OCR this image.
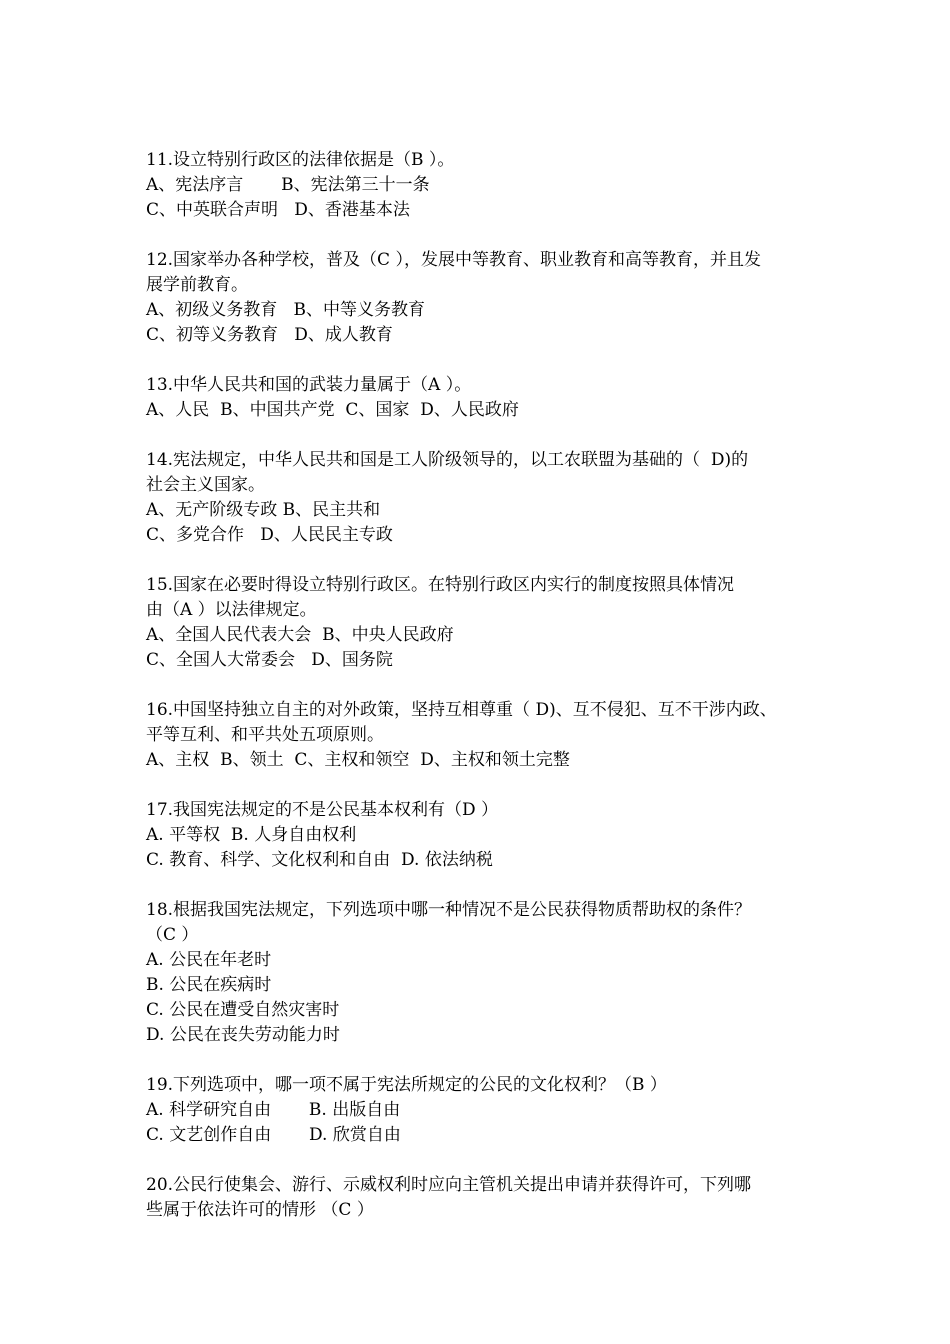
11.设立特别行政区的法律依据是（B ）。
A、宪法序言       B、宪法第三十一条
C、中英联合声明   D、香港基本法
12.国家举办各种学校，普及（C ），发展中等教育、职业教育和高等教育，并且发
展学前教育。
A、初级义务教育   B、中等义务教育
C、初等义务教育   D、成人教育
13.中华人民共和国的武装力量属于（A ）。
A、人民  B、中国共产党  C、国家  D、人民政府
14.宪法规定，中华人民共和国是工人阶级领导的，以工农联盟为基础的（  D)的
社会主义国家。
A、无产阶级专政 B、民主共和
C、多党合作   D、人民民主专政
15.国家在必要时得设立特别行政区。在特别行政区内实行的制度按照具体情况
由（A ）以法律规定。
A、全国人民代表大会  B、中央人民政府
C、全国人大常委会   D、国务院
16.中国坚持独立自主的对外政策，坚持互相尊重（ D)、互不侵犯、互不干涉内政、
平等互利、和平共处五项原则。
A、主权  B、领土  C、主权和领空  D、主权和领土完整
17.我国宪法规定的不是公民基本权利有（D ）
A. 平等权  B. 人身自由权利
C. 教育、科学、文化权利和自由  D. 依法纳税
18.根据我国宪法规定，下列选项中哪一种情况不是公民获得物质帮助权的条件？
（C ）
A. 公民在年老时
B. 公民在疾病时
C. 公民在遭受自然灾害时
D. 公民在丧失劳动能力时
19.下列选项中，哪一项不属于宪法所规定的公民的文化权利？（B ）
A. 科学研究自由       B. 出版自由
C. 文艺创作自由       D. 欣赏自由
20.公民行使集会、游行、示威权利时应向主管机关提出申请并获得许可，下列哪
些属于依法许可的情形 （C ）
